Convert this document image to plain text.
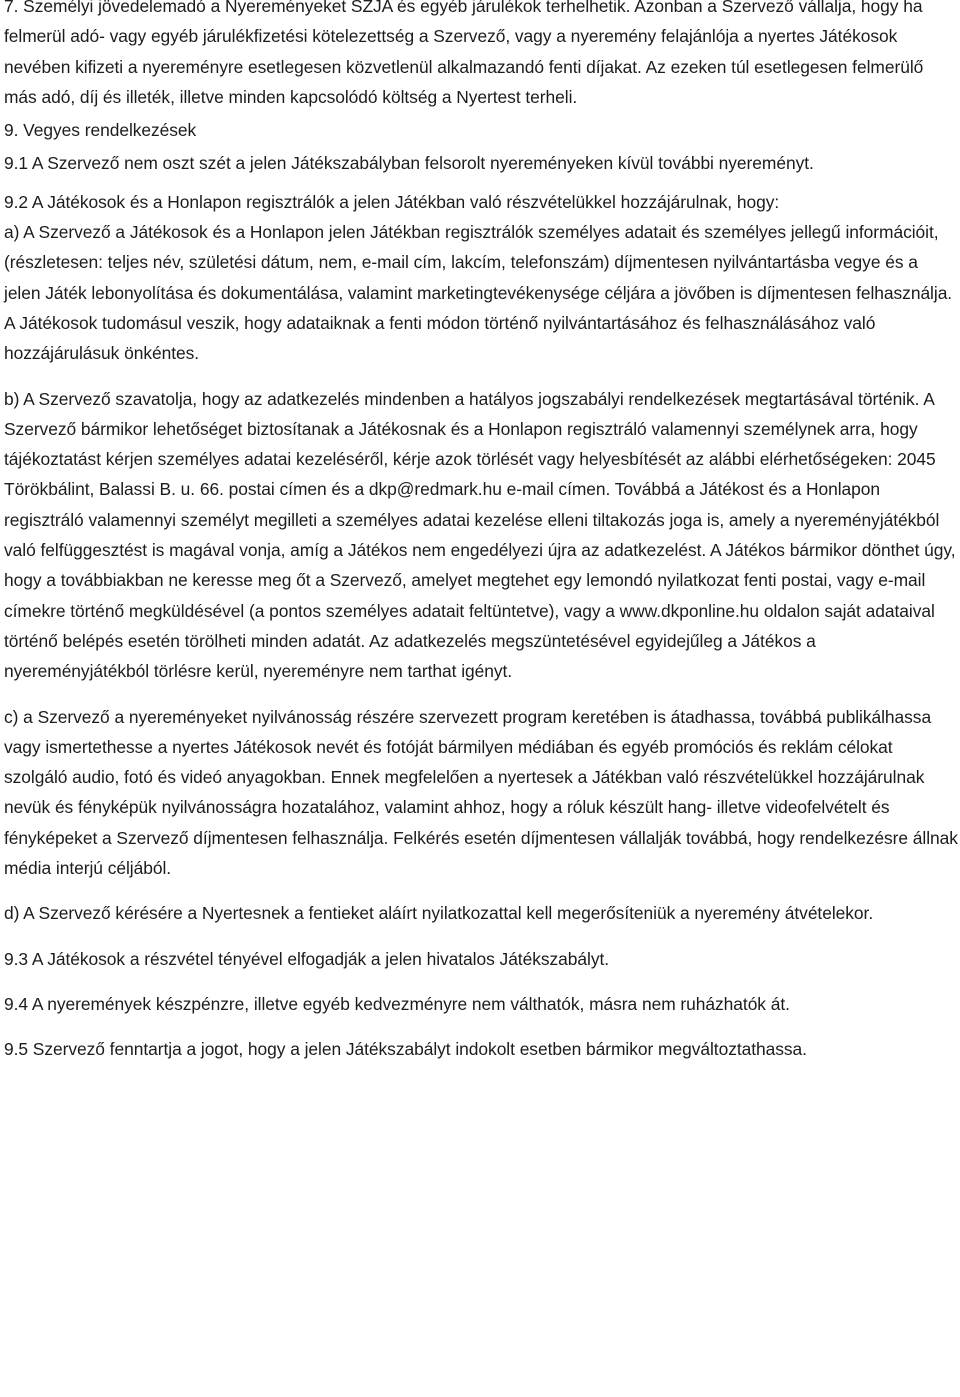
7. Személyi jövedelemadó a Nyereményeket SZJA és egyéb járulékok terhelhetik. Azonban a Szervező vállalja, hogy ha felmerül adó- vagy egyéb járulékfizetési kötelezettség a Szervező, vagy a nyeremény felajánlója a nyertes Játékosok nevében kifizeti a nyereményre esetlegesen közvetlenül alkalmazandó fenti díjakat. Az ezeken túl esetlegesen felmerülő más adó, díj és illeték, illetve minden kapcsolódó költség a Nyertest terheli.

9. Vegyes rendelkezések

9.1 A Szervező nem oszt szét a jelen Játékszabályban felsorolt nyereményeken kívül további nyereményt.

9.2 A Játékosok és a Honlapon regisztrálók a jelen Játékban való részvételükkel hozzájárulnak, hogy:

a) A Szervező a Játékosok és a Honlapon jelen Játékban regisztrálók személyes adatait és személyes jellegű információit, (részletesen: teljes név, születési dátum, nem, e-mail cím, lakcím, telefonszám) díjmentesen nyilvántartásba vegye és a jelen Játék lebonyolítása és dokumentálása, valamint marketingtevékenysége céljára a jövőben is díjmentesen felhasználja. A Játékosok tudomásul veszik, hogy adataiknak a fenti módon történő nyilvántartásához és felhasználásához való hozzájárulásuk önkéntes.

b) A Szervező szavatolja, hogy az adatkezelés mindenben a hatályos jogszabályi rendelkezések megtartásával történik. A Szervező bármikor lehetőséget biztosítanak a Játékosnak és a Honlapon regisztráló valamennyi személynek arra, hogy tájékoztatást kérjen személyes adatai kezeléséről, kérje azok törlését vagy helyesbítését az alábbi elérhetőségeken: 2045 Törökbálint, Balassi B. u. 66. postai címen és a dkp@redmark.hu e-mail címen. Továbbá a Játékost és a Honlapon regisztráló valamennyi személyt megilleti a személyes adatai kezelése elleni tiltakozás joga is, amely a nyereményjátékból való felfüggesztést is magával vonja, amíg a Játékos nem engedélyezi újra az adatkezelést. A Játékos bármikor dönthet úgy, hogy a továbbiakban ne keresse meg őt a Szervező, amelyet megtehet egy lemondó nyilatkozat fenti postai, vagy e-mail címekre történő megküldésével (a pontos személyes adatait feltüntetve), vagy a www.dkponline.hu oldalon saját adataival történő belépés esetén törölheti minden adatát. Az adatkezelés megszüntetésével egyidejűleg a Játékos a nyereményjátékból törlésre kerül, nyereményre nem tarthat igényt.

c) a Szervező a nyereményeket nyilvánosság részére szervezett program keretében is átadhassa, továbbá publikálhassa vagy ismertethesse a nyertes Játékosok nevét és fotóját bármilyen médiában és egyéb promóciós és reklám célokat szolgáló audio, fotó és videó anyagokban. Ennek megfelelően a nyertesek a Játékban való részvételükkel hozzájárulnak nevük és fényképük nyilvánosságra hozatalához, valamint ahhoz, hogy a róluk készült hang- illetve videofelvételt és fényképeket a Szervező díjmentesen felhasználja. Felkérés esetén díjmentesen vállalják továbbá, hogy rendelkezésre állnak média interjú céljából.

d) A Szervező kérésére a Nyertesnek a fentieket aláírt nyilatkozattal kell megerősíteniük a nyeremény átvételekor.

9.3 A Játékosok a részvétel tényével elfogadják a jelen hivatalos Játékszabályt.

9.4 A nyeremények készpénzre, illetve egyéb kedvezményre nem válthatók, másra nem ruházhatók át.

9.5 Szervező fenntartja a jogot, hogy a jelen Játékszabályt indokolt esetben bármikor megváltoztathassa.
